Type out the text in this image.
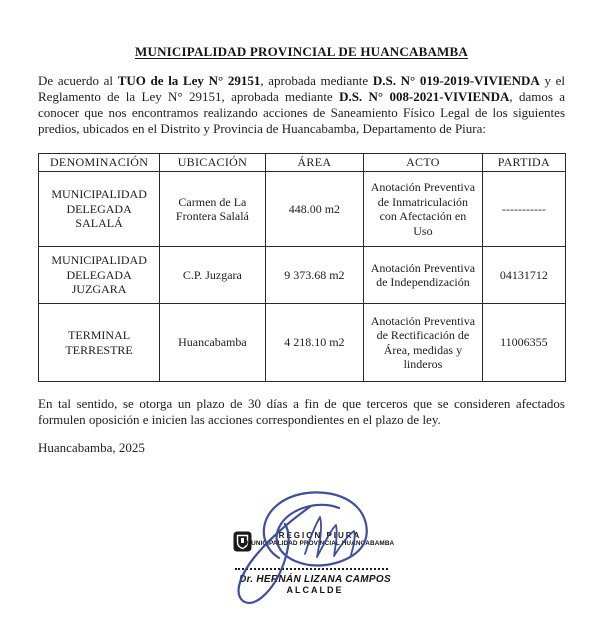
MUNICIPALIDAD PROVINCIAL DE HUANCABAMBA

De acuerdo al TUO de la Ley N° 29151, aprobada mediante D.S. N° 019-2019-VIVIENDA y el Reglamento de la Ley N° 29151, aprobada mediante D.S. N° 008-2021-VIVIENDA, damos a conocer que nos encontramos realizando acciones de Saneamiento Físico Legal de los siguientes predios, ubicados en el Distrito y Provincia de Huancabamba, Departamento de Piura:

DENOMINACIÓN	UBICACIÓN	ÁREA	ACTO	PARTIDA
MUNICIPALIDAD DELEGADA SALALÁ	Carmen de La Frontera Salalá	448.00 m2	Anotación Preventiva de Inmatriculación con Afectación en Uso	-----------
MUNICIPALIDAD DELEGADA JUZGARA	C.P. Juzgara	9 373.68 m2	Anotación Preventiva de Independización	04131712
TERMINAL TERRESTRE	Huancabamba	4 218.10 m2	Anotación Preventiva de Rectificación de Área, medidas y linderos	11006355

En tal sentido, se otorga un plazo de 30 días a fin de que terceros que se consideren afectados formulen oposición e inicien las acciones correspondientes en el plazo de ley.

Huancabamba, 2025

REGION PIURA
MUNICIPALIDAD PROVINCIAL HUANCABAMBA
Dr. HERNÁN LIZANA CAMPOS
ALCALDE
